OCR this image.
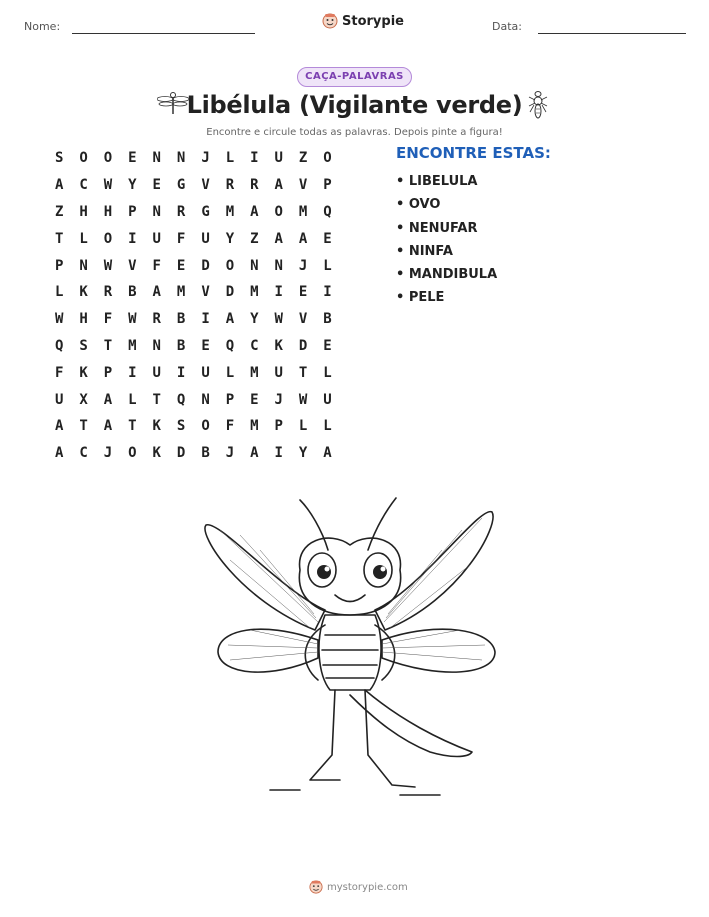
Nome:	Storypie	Data:
CAÇA-PALAVRAS
Libélula (Vigilante verde)
Encontre e circule todas as palavras. Depois pinte a figura!
S	O	O	E	N	N	J	L	I	U	Z	O
A	C	W	Y	E	G	V	R	R	A	V	P
Z	H	H	P	N	R	G	M	A	O	M	Q
T	L	O	I	U	F	U	Y	Z	A	A	E
P	N	W	V	F	E	D	O	N	N	J	L
L	K	R	B	A	M	V	D	M	I	E	I
W	H	F	W	R	B	I	A	Y	W	V	B
Q	S	T	M	N	B	E	Q	C	K	D	E
F	K	P	I	U	I	U	L	M	U	T	L
U	X	A	L	T	Q	N	P	E	J	W	U
A	T	A	T	K	S	O	F	M	P	L	L
A	C	J	O	K	D	B	J	A	I	Y	A
ENCONTRE ESTAS:
• LIBELULA
• OVO
• NENUFAR
• NINFA
• MANDIBULA
• PELE
mystorypie.com
